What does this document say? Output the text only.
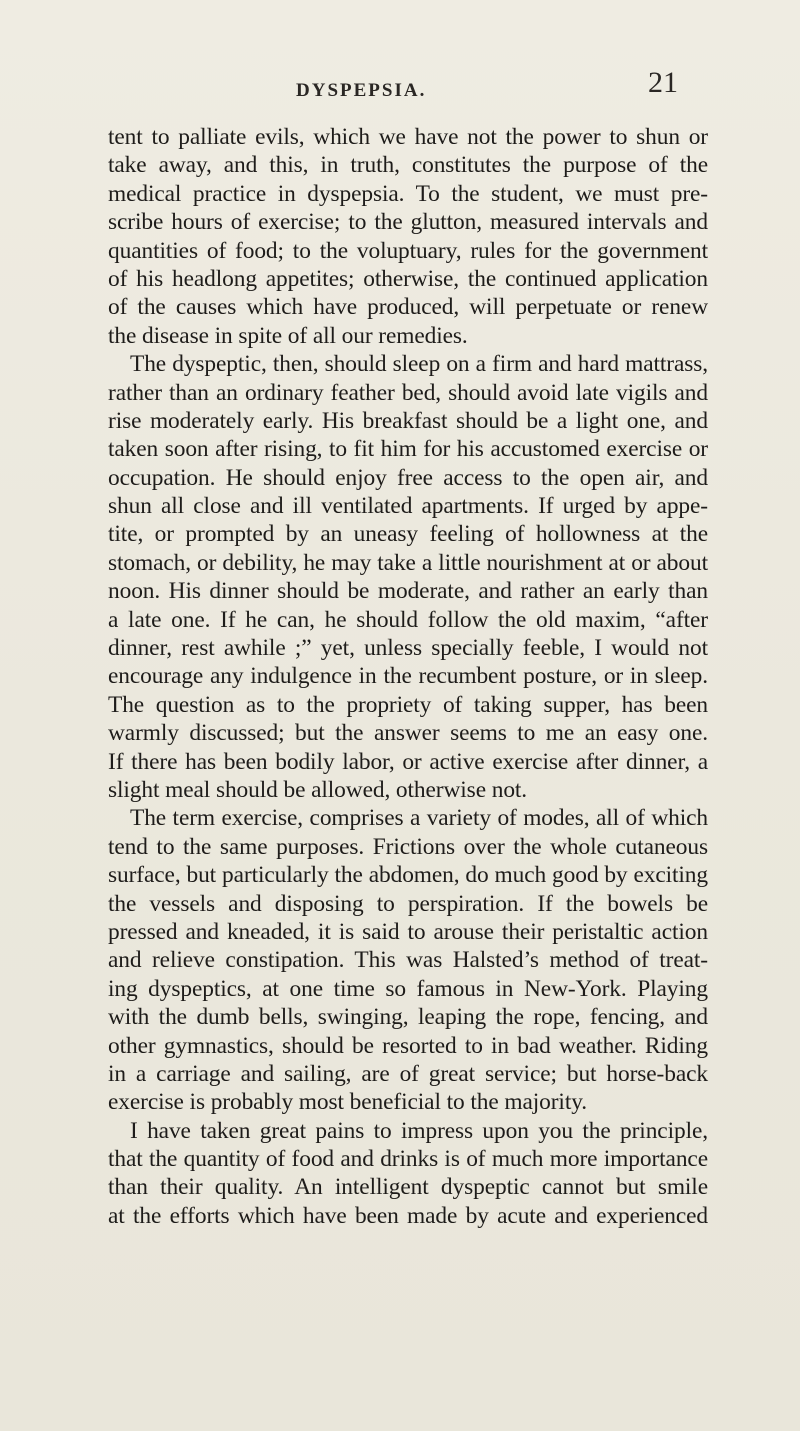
DYSPEPSIA.	21
tent to palliate evils, which we have not the power to shun or
take away, and this, in truth, constitutes the purpose of the
medical practice in dyspepsia. To the student, we must pre-
scribe hours of exercise; to the glutton, measured intervals and
quantities of food; to the voluptuary, rules for the government
of his headlong appetites; otherwise, the continued application
of the causes which have produced, will perpetuate or renew
the disease in spite of all our remedies.
The dyspeptic, then, should sleep on a firm and hard mattrass,
rather than an ordinary feather bed, should avoid late vigils and
rise moderately early. His breakfast should be a light one, and
taken soon after rising, to fit him for his accustomed exercise or
occupation. He should enjoy free access to the open air, and
shun all close and ill ventilated apartments. If urged by appe-
tite, or prompted by an uneasy feeling of hollowness at the
stomach, or debility, he may take a little nourishment at or about
noon. His dinner should be moderate, and rather an early than
a late one. If he can, he should follow the old maxim, “after
dinner, rest awhile ;” yet, unless specially feeble, I would not
encourage any indulgence in the recumbent posture, or in sleep.
The question as to the propriety of taking supper, has been
warmly discussed; but the answer seems to me an easy one.
If there has been bodily labor, or active exercise after dinner, a
slight meal should be allowed, otherwise not.
The term exercise, comprises a variety of modes, all of which
tend to the same purposes. Frictions over the whole cutaneous
surface, but particularly the abdomen, do much good by exciting
the vessels and disposing to perspiration. If the bowels be
pressed and kneaded, it is said to arouse their peristaltic action
and relieve constipation. This was Halsted’s method of treat-
ing dyspeptics, at one time so famous in New-York. Playing
with the dumb bells, swinging, leaping the rope, fencing, and
other gymnastics, should be resorted to in bad weather. Riding
in a carriage and sailing, are of great service; but horse-back
exercise is probably most beneficial to the majority.
I have taken great pains to impress upon you the principle,
that the quantity of food and drinks is of much more importance
than their quality. An intelligent dyspeptic cannot but smile
at the efforts which have been made by acute and experienced
